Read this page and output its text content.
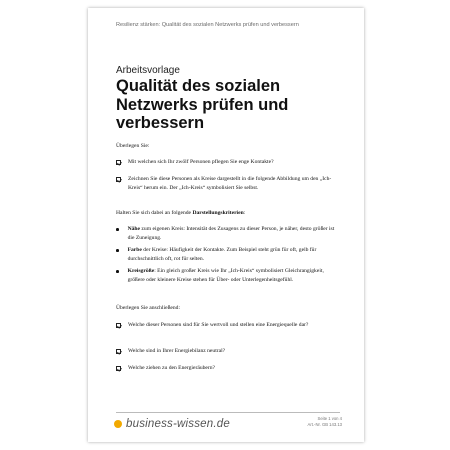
Resilienz stärken: Qualität des sozialen Netzwerks prüfen und verbessern
Arbeitsvorlage
Qualität des sozialen Netzwerks prüfen und verbessern
Überlegen Sie:
Mit welchen sich Ihr zwölf Personen pflegen Sie enge Kontakte?
Zeichnen Sie diese Personen als Kreise dargestellt in die folgende Abbildung um den „Ich-Kreis“ herum ein. Der „Ich-Kreis“ symbolisiert Sie selbst.
Halten Sie sich dabei an folgende Darstellungskriterien:
Nähe zum eigenen Kreis: Intensität des Zusagens zu dieser Person, je näher, desto größer ist die Zuneigung.
Farbe der Kreise: Häufigkeit der Kontakte. Zum Beispiel steht grün für oft, gelb für durchschnittlich oft, rot für selten.
Kreisgröße: Ein gleich großer Kreis wie Ihr „Ich-Kreis“ symbolisiert Gleichrangigkeit, größere oder kleinere Kreise stehen für Über- oder Unterlegenheitsgefühl.
Überlegen Sie anschließend:
Welche dieser Personen sind für Sie wertvoll und stellen eine Energiequelle dar?
Welche sind in Ihrer Energiebilanz neutral?
Welche ziehen zu den Energieräubern?
business-wissen.de	Seite 1 von 4
Art.-Nr. GB 143.13
